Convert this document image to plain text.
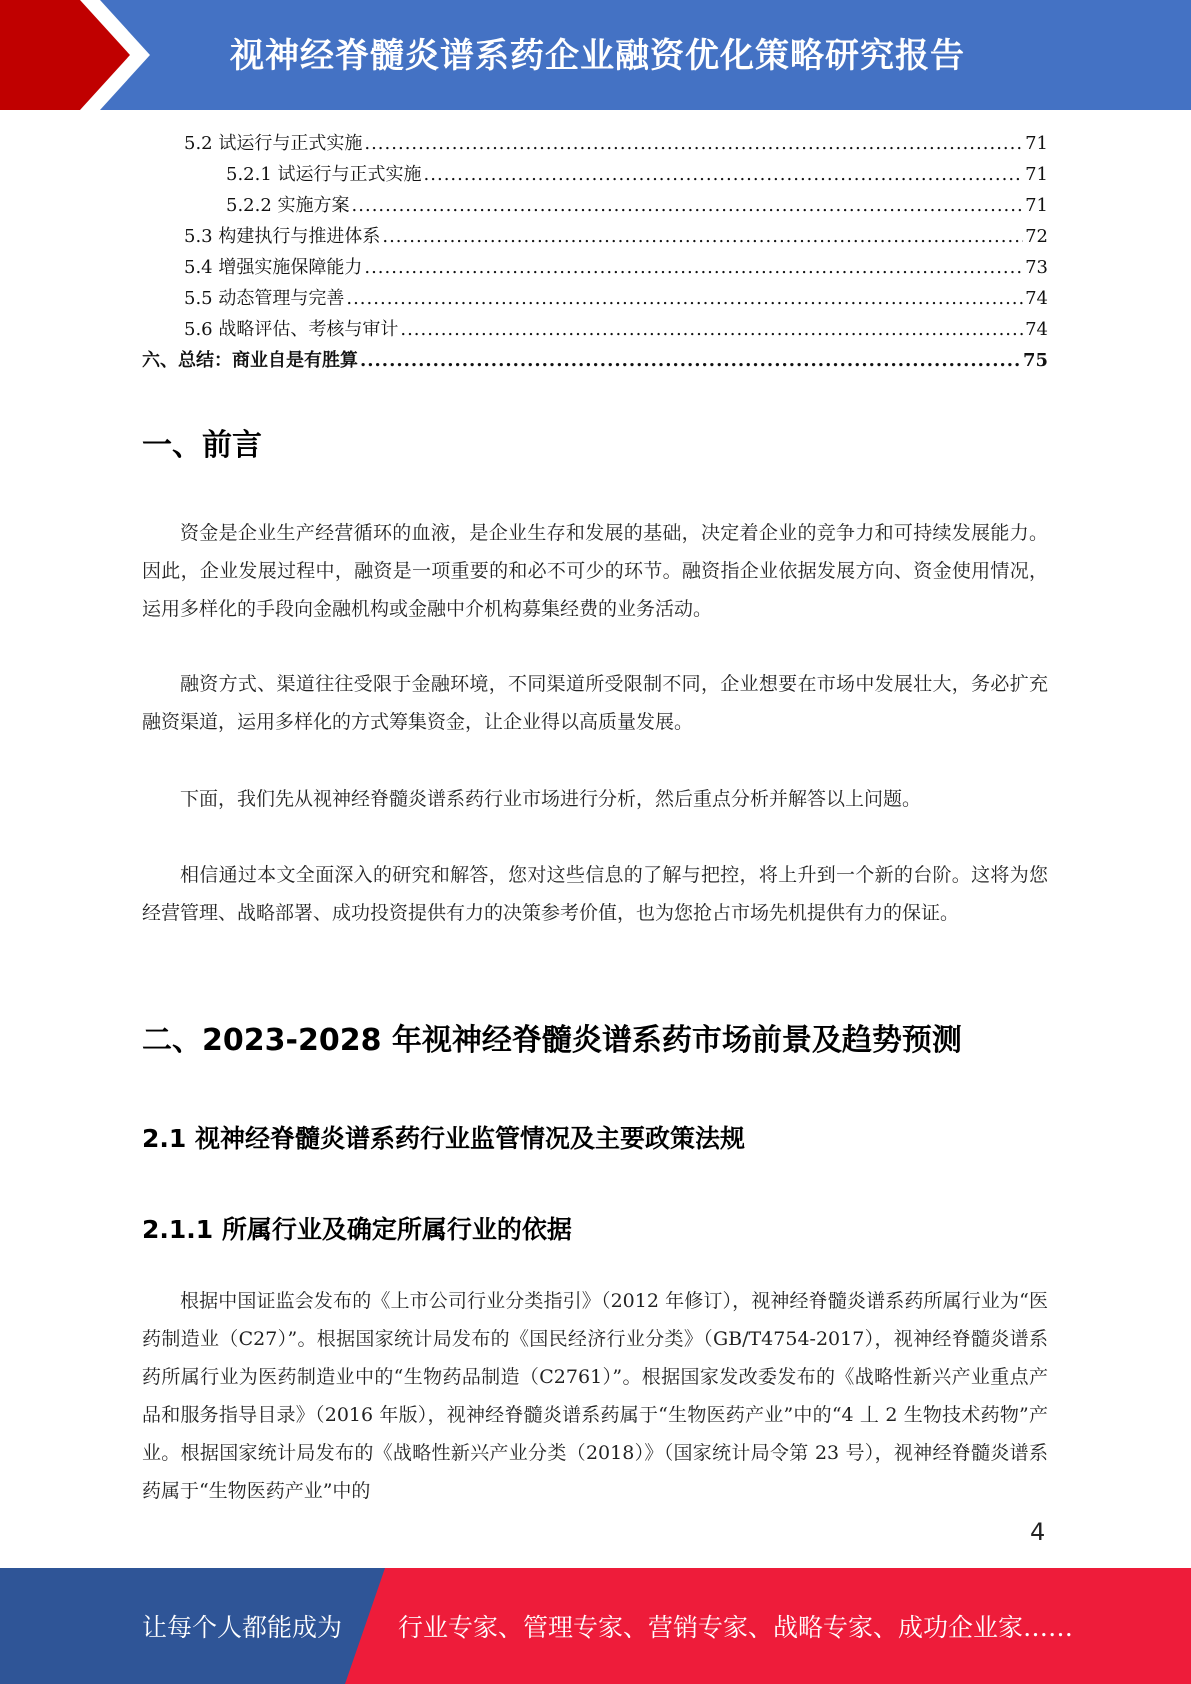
视神经脊髓炎谱系药企业融资优化策略研究报告
5.2 试运行与正式实施 .....	71
5.2.1 试运行与正式实施 .....	71
5.2.2 实施方案 .....	71
5.3 构建执行与推进体系 .....	72
5.4 增强实施保障能力 .....	73
5.5 动态管理与完善 .....	74
5.6 战略评估、考核与审计 .....	74
六、总结：商业自是有胜算 .....	75
一、前言

资金是企业生产经营循环的血液，是企业生存和发展的基础，决定着企业的竞争力和可持续发展能力。因此，企业发展过程中，融资是一项重要的和必不可少的环节。融资指企业依据发展方向、资金使用情况，运用多样化的手段向金融机构或金融中介机构募集经费的业务活动。

融资方式、渠道往往受限于金融环境，不同渠道所受限制不同，企业想要在市场中发展壮大，务必扩充融资渠道，运用多样化的方式筹集资金，让企业得以高质量发展。

下面，我们先从视神经脊髓炎谱系药行业市场进行分析，然后重点分析并解答以上问题。

相信通过本文全面深入的研究和解答，您对这些信息的了解与把控，将上升到一个新的台阶。这将为您经营管理、战略部署、成功投资提供有力的决策参考价值，也为您抢占市场先机提供有力的保证。

二、2023-2028 年视神经脊髓炎谱系药市场前景及趋势预测
2.1 视神经脊髓炎谱系药行业监管情况及主要政策法规
2.1.1 所属行业及确定所属行业的依据

根据中国证监会发布的《上市公司行业分类指引》（2012 年修订），视神经脊髓炎谱系药所属行业为“医药制造业（C27）”。根据国家统计局发布的《国民经济行业分类》（GB/T4754-2017），视神经脊髓炎谱系药所属行业为医药制造业中的“生物药品制造（C2761）”。根据国家发改委发布的《战略性新兴产业重点产品和服务指导目录》（2016 年版），视神经脊髓炎谱系药属于“生物医药产业”中的“4 丄 2 生物技术药物”产业。根据国家统计局发布的《战略性新兴产业分类（2018）》（国家统计局令第 23 号），视神经脊髓炎谱系药属于“生物医药产业”中的

4
让每个人都能成为 行业专家、管理专家、营销专家、战略专家、成功企业家……
